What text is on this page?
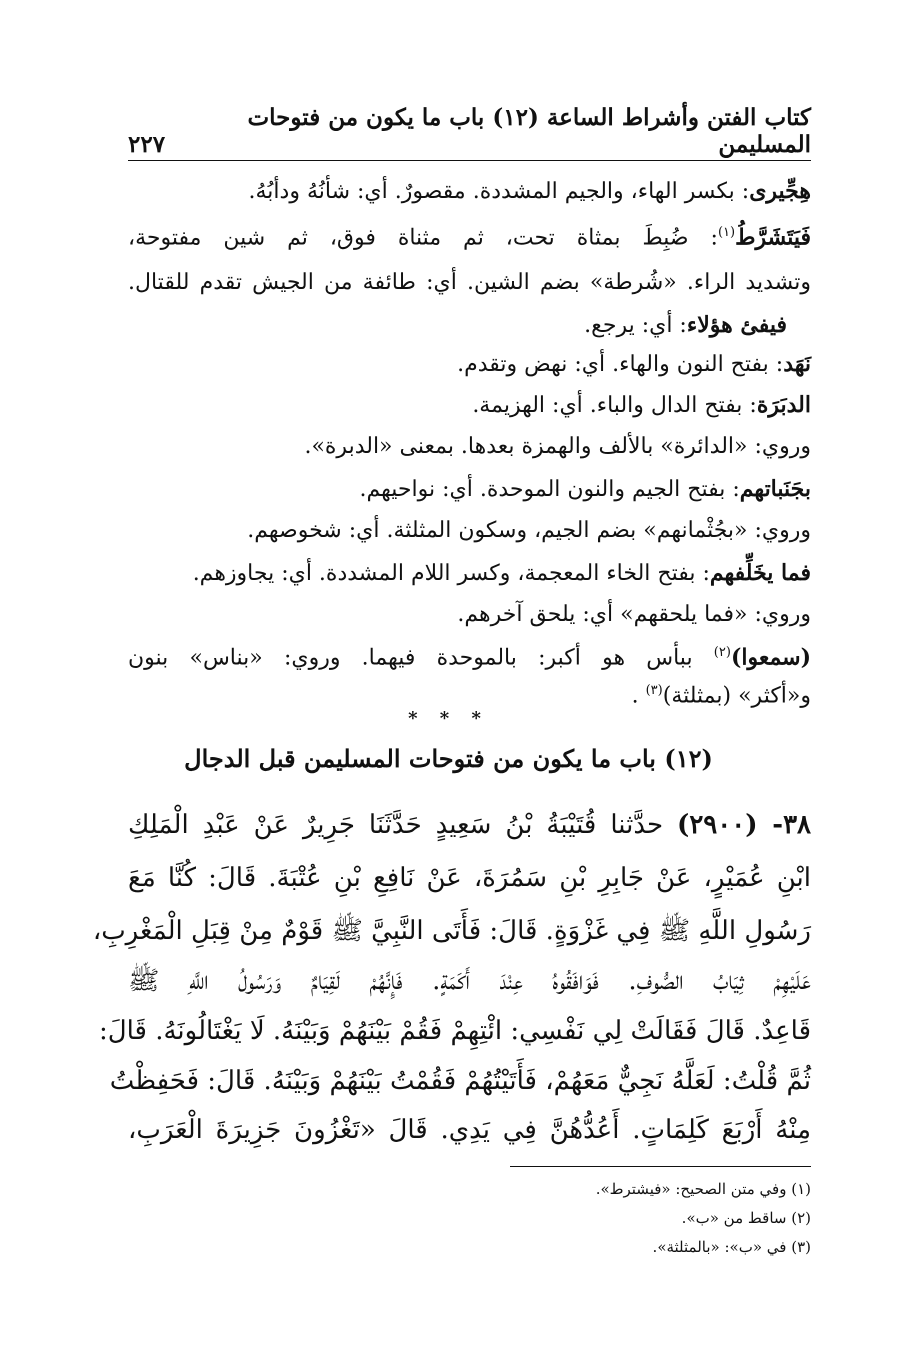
كتاب الفتن وأشراط الساعة (١٢) باب ما يكون من فتوحات المسليمن
٢٢٧
هِجِّيرى: بكسر الهاء، والجيم المشددة. مقصورٌ. أي: شأنُهُ ودأبُهُ.
فَيَتَشَرَّطُ$^{(١)}$: ضُبِطَ بمثاة تحت، ثم مثناة فوق، ثم شين مفتوحة،
وتشديد الراء. «شُرطة» بضم الشين. أي: طائفة من الجيش تقدم للقتال.
فيفئ هؤلاء: أي: يرجع.
نَهَد: بفتح النون والهاء. أي: نهض وتقدم.
الدبَرَة: بفتح الدال والباء. أي: الهزيمة.
وروي: «الدائرة» بالألف والهمزة بعدها. بمعنى «الدبرة».
بجَنَباتهم: بفتح الجيم والنون الموحدة. أي: نواحيهم.
وروي: «بجُثْمانهم» بضم الجيم، وسكون المثلثة. أي: شخوصهم.
فما يخَلِّفهم: بفتح الخاء المعجمة، وكسر اللام المشددة. أي: يجاوزهم.
وروي: «فما يلحقهم» أي: يلحق آخرهم.
(سمعوا)$^{(٢)}$ ببأس هو أكبر: بالموحدة فيهما. وروي: «بناس» بنون
و«أكثر» (بمثلثة)$^{(٣)}$ .
* * *
(١٢) باب ما يكون من فتوحات المسليمن قبل الدجال
٣٨- (٢٩٠٠) حدَّثنا قُتَيْبَةُ بْنُ سَعِيدٍ حَدَّثَنَا جَرِيرٌ عَنْ عَبْدِ الْمَلِكِ
ابْنِ عُمَيْرٍ، عَنْ جَابِرِ بْنِ سَمُرَةَ، عَنْ نَافِعِ بْنِ عُتْبَةَ. قَالَ: كُنَّا مَعَ
رَسُولِ اللَّهِ ﷺ فِي غَزْوَةٍ. قَالَ: فَأَتَى النَّبِيَّ ﷺ قَوْمٌ مِنْ قِبَلِ الْمَغْرِبِ،
عَلَيْهِمْ ثِيَابُ الصُّوفِ. فَوَافَقُوهُ عِنْدَ أَكَمَةٍ. فَإِنَّهُمْ لَقِيَامٌ وَرَسُولُ اللَّهِ ﷺ
قَاعِدٌ. قَالَ فَقَالَتْ لِي نَفْسِي: ائْتِهِمْ فَقُمْ بَيْنَهُمْ وَبَيْنَهُ. لَا يَغْتَالُونَهُ. قَالَ:
ثُمَّ قُلْتُ: لَعَلَّهُ نَجِيٌّ مَعَهُمْ، فَأَتَيْتُهُمْ فَقُمْتُ بَيْنَهُمْ وَبَيْنَهُ. قَالَ: فَحَفِظْتُ
مِنْهُ أَرْبَعَ كَلِمَاتٍ. أَعُدُّهُنَّ فِي يَدِي. قَالَ «تَغْزُونَ جَزِيرَةَ الْعَرَبِ،
(١) وفي متن الصحيح: «فيشترط».
(٢) ساقط من «ب».
(٣) في «ب»: «بالمثلثة».
